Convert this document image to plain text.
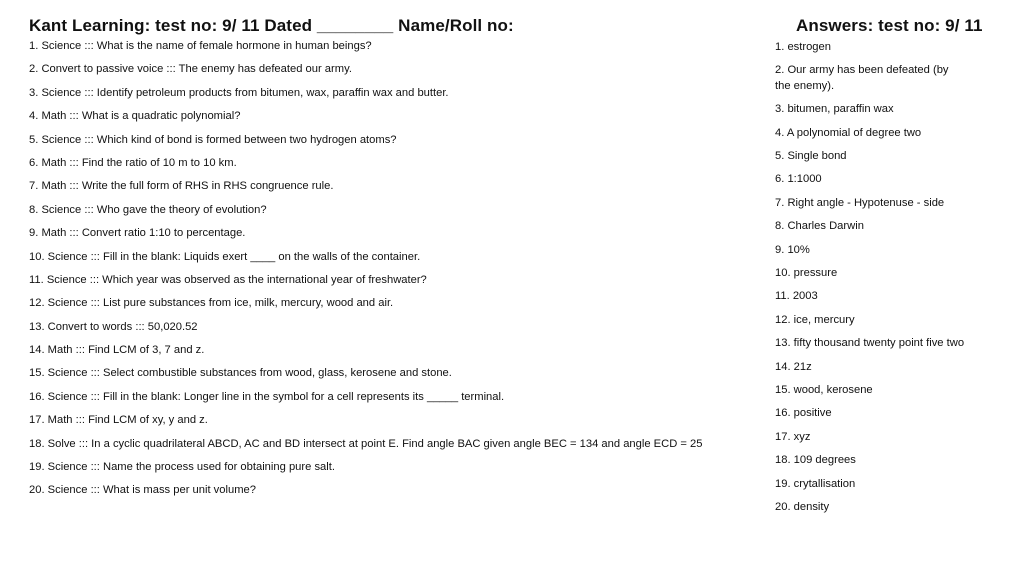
Kant Learning: test no: 9/ 11 Dated ________ Name/Roll no:	Answers: test no: 9/ 11
1. Science ::: What is the name of female hormone in human beings?
2. Convert to passive voice ::: The enemy has defeated our army.
3. Science ::: Identify petroleum products from bitumen, wax, paraffin wax and butter.
4. Math ::: What is a quadratic polynomial?
5. Science ::: Which kind of bond is formed between two hydrogen atoms?
6. Math ::: Find the ratio of 10 m to 10 km.
7. Math ::: Write the full form of RHS in RHS congruence rule.
8. Science ::: Who gave the theory of evolution?
9. Math ::: Convert ratio 1:10 to percentage.
10. Science ::: Fill in the blank: Liquids exert ____ on the walls of the container.
11. Science ::: Which year was observed as the international year of freshwater?
12. Science ::: List pure substances from ice, milk, mercury, wood and air.
13. Convert to words ::: 50,020.52
14. Math ::: Find LCM of 3, 7 and z.
15. Science ::: Select combustible substances from wood, glass, kerosene and stone.
16. Science ::: Fill in the blank: Longer line in the symbol for a cell represents its _____ terminal.
17. Math ::: Find LCM of xy, y and z.
18. Solve ::: In a cyclic quadrilateral ABCD, AC and BD intersect at point E. Find angle BAC given angle BEC = 134 and angle ECD = 25
19. Science ::: Name the process used for obtaining pure salt.
20. Science ::: What is mass per unit volume?
1. estrogen
2. Our army has been defeated (by the enemy).
3. bitumen, paraffin wax
4. A polynomial of degree two
5. Single bond
6. 1:1000
7. Right angle - Hypotenuse - side
8. Charles Darwin
9. 10%
10. pressure
11. 2003
12. ice, mercury
13. fifty thousand twenty point five two
14. 21z
15. wood, kerosene
16. positive
17. xyz
18. 109 degrees
19. crytallisation
20. density
